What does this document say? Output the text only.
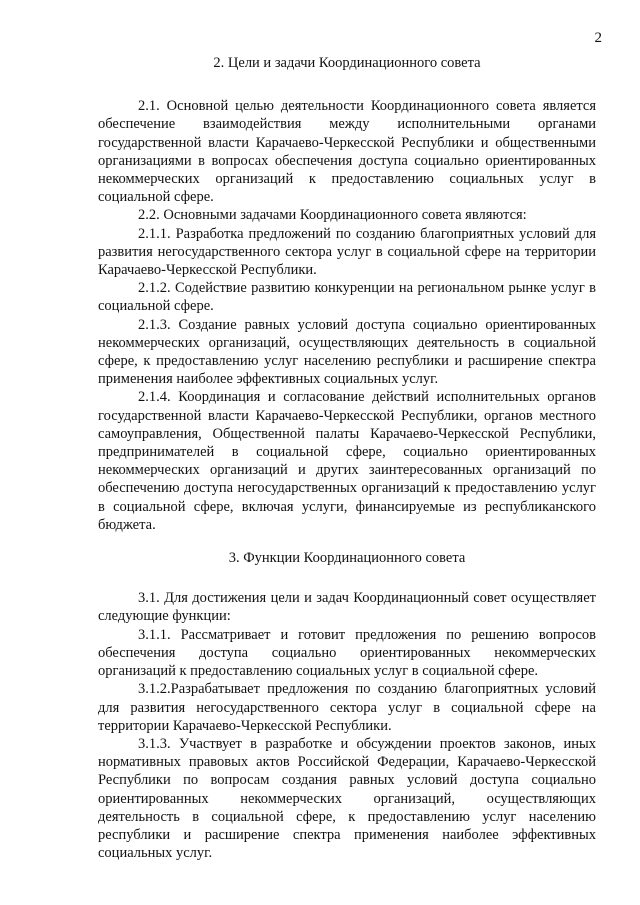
2

2. Цели и задачи Координационного совета

2.1. Основной целью деятельности Координационного совета является обеспечение взаимодействия между исполнительными органами государственной власти Карачаево-Черкесской Республики и общественными организациями в вопросах обеспечения доступа социально ориентированных некоммерческих организаций к предоставлению социальных услуг в социальной сфере.

2.2. Основными задачами Координационного совета являются:

2.1.1. Разработка предложений по созданию благоприятных условий для развития негосударственного сектора услуг в социальной сфере на территории Карачаево-Черкесской Республики.

2.1.2. Содействие развитию конкуренции на региональном рынке услуг в социальной сфере.

2.1.3. Создание равных условий доступа социально ориентированных некоммерческих организаций, осуществляющих деятельность в социальной сфере, к предоставлению услуг населению республики и расширение спектра применения наиболее эффективных социальных услуг.

2.1.4. Координация и согласование действий исполнительных органов государственной власти Карачаево-Черкесской Республики, органов местного самоуправления, Общественной палаты Карачаево-Черкесской Республики, предпринимателей в социальной сфере, социально ориентированных некоммерческих организаций и других заинтересованных организаций по обеспечению доступа негосударственных организаций к предоставлению услуг в социальной сфере, включая услуги, финансируемые из республиканского бюджета.

3. Функции Координационного совета

3.1. Для достижения цели и задач Координационный совет осуществляет следующие функции:

3.1.1. Рассматривает и готовит предложения по решению вопросов обеспечения доступа социально ориентированных некоммерческих организаций к предоставлению социальных услуг в социальной сфере.

3.1.2.Разрабатывает предложения по созданию благоприятных условий для развития негосударственного сектора услуг в социальной сфере на территории Карачаево-Черкесской Республики.

3.1.3. Участвует в разработке и обсуждении проектов законов, иных нормативных правовых актов Российской Федерации, Карачаево-Черкесской Республики по вопросам создания равных условий доступа социально ориентированных некоммерческих организаций, осуществляющих деятельность в социальной сфере, к предоставлению услуг населению республики и расширение спектра применения наиболее эффективных социальных услуг.
